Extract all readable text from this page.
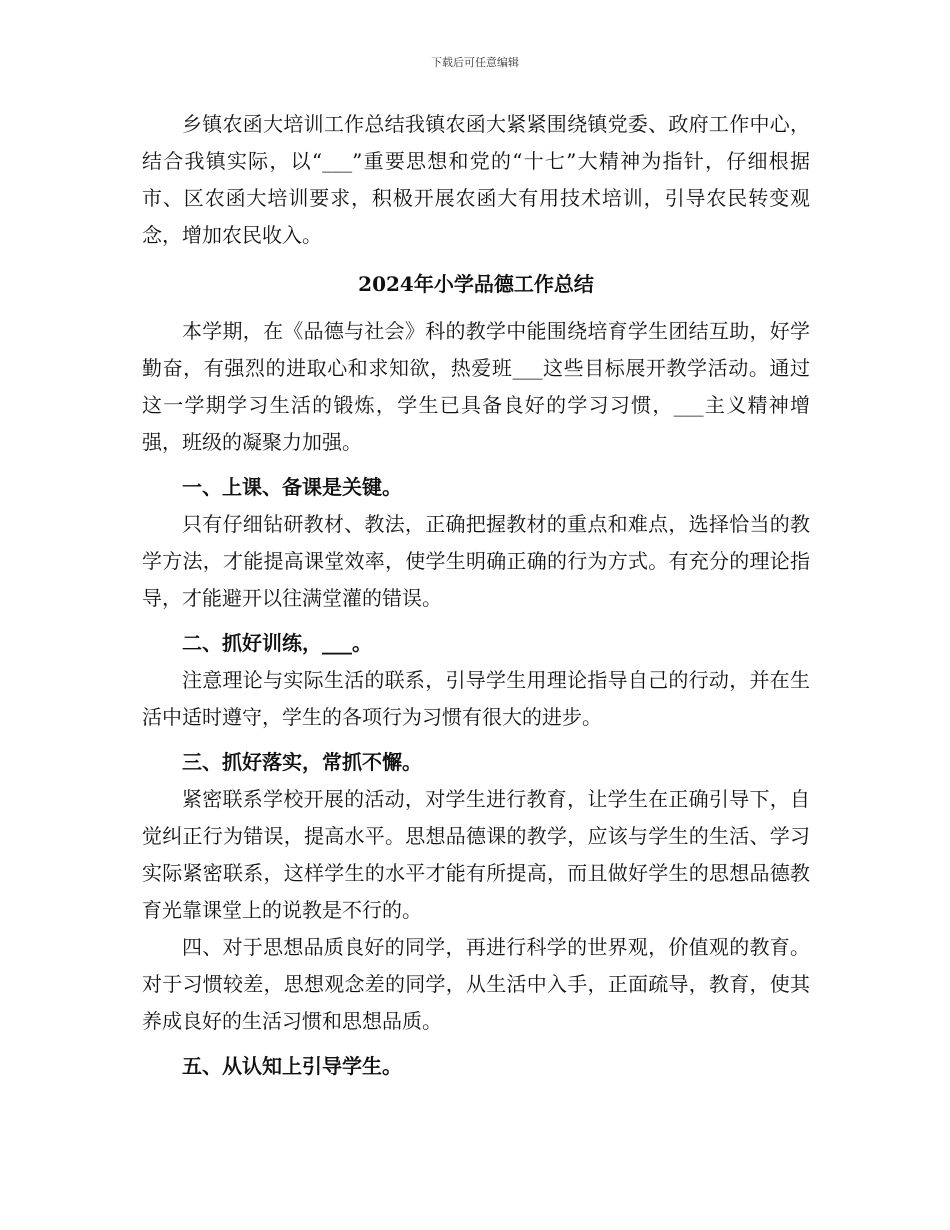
下载后可任意编辑

乡镇农函大培训工作总结我镇农函大紧紧围绕镇党委、政府工作中心，结合我镇实际，以“___”重要思想和党的“十七”大精神为指针，仔细根据市、区农函大培训要求，积极开展农函大有用技术培训，引导农民转变观念，增加农民收入。

2024年小学品德工作总结

本学期，在《品德与社会》科的教学中能围绕培育学生团结互助，好学勤奋，有强烈的进取心和求知欲，热爱班___这些目标展开教学活动。通过这一学期学习生活的锻炼，学生已具备良好的学习习惯，___主义精神增强，班级的凝聚力加强。

一、上课、备课是关键。

只有仔细钻研教材、教法，正确把握教材的重点和难点，选择恰当的教学方法，才能提高课堂效率，使学生明确正确的行为方式。有充分的理论指导，才能避开以往满堂灌的错误。

二、抓好训练，___。

注意理论与实际生活的联系，引导学生用理论指导自己的行动，并在生活中适时遵守，学生的各项行为习惯有很大的进步。

三、抓好落实，常抓不懈。

紧密联系学校开展的活动，对学生进行教育，让学生在正确引导下，自觉纠正行为错误，提高水平。思想品德课的教学，应该与学生的生活、学习实际紧密联系，这样学生的水平才能有所提高，而且做好学生的思想品德教育光靠课堂上的说教是不行的。

四、对于思想品质良好的同学，再进行科学的世界观，价值观的教育。对于习惯较差，思想观念差的同学，从生活中入手，正面疏导，教育，使其养成良好的生活习惯和思想品质。

五、从认知上引导学生。
